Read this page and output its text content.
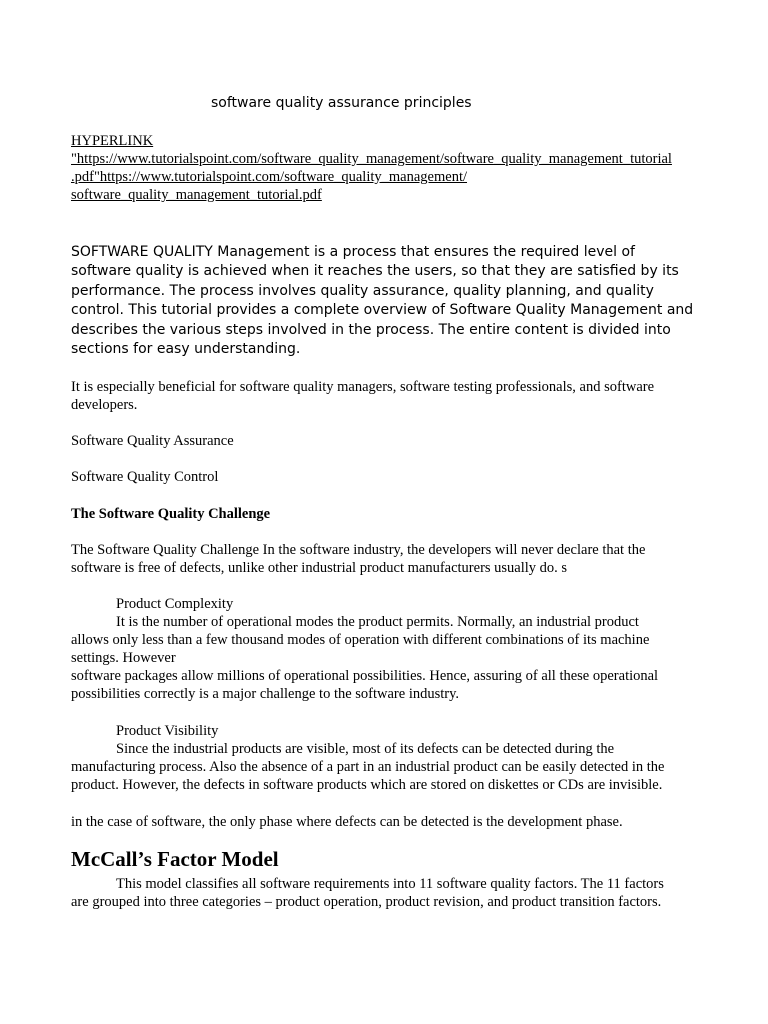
software quality assurance principles
HYPERLINK
"https://www.tutorialspoint.com/software_quality_management/software_quality_management_tutorial
.pdf"https://www.tutorialspoint.com/software_quality_management/
software_quality_management_tutorial.pdf
SOFTWARE QUALITY Management is a process that ensures the required level of
software quality is achieved when it reaches the users, so that they are satisfied by its
performance. The process involves quality assurance, quality planning, and quality
control. This tutorial provides a complete overview of Software Quality Management and
describes the various steps involved in the process. The entire content is divided into
sections for easy understanding.
It is especially beneficial for software quality managers, software testing professionals, and software
developers.
Software Quality Assurance
Software Quality Control
The Software Quality Challenge
The Software Quality Challenge In the software industry, the developers will never declare that the
software is free of defects, unlike other industrial product manufacturers usually do. s
Product Complexity
It is the number of operational modes the product permits. Normally, an industrial product
allows only less than a few thousand modes of operation with different combinations of its machine
settings. However
software packages allow millions of operational possibilities. Hence, assuring of all these operational
possibilities correctly is a major challenge to the software industry.
Product Visibility
Since the industrial products are visible, most of its defects can be detected during the
manufacturing process. Also the absence of a part in an industrial product can be easily detected in the
product. However, the defects in software products which are stored on diskettes or CDs are invisible.
in the case of software, the only phase where defects can be detected is the development phase.
McCall’s Factor Model
This model classifies all software requirements into 11 software quality factors. The 11 factors
are grouped into three categories – product operation, product revision, and product transition factors.
